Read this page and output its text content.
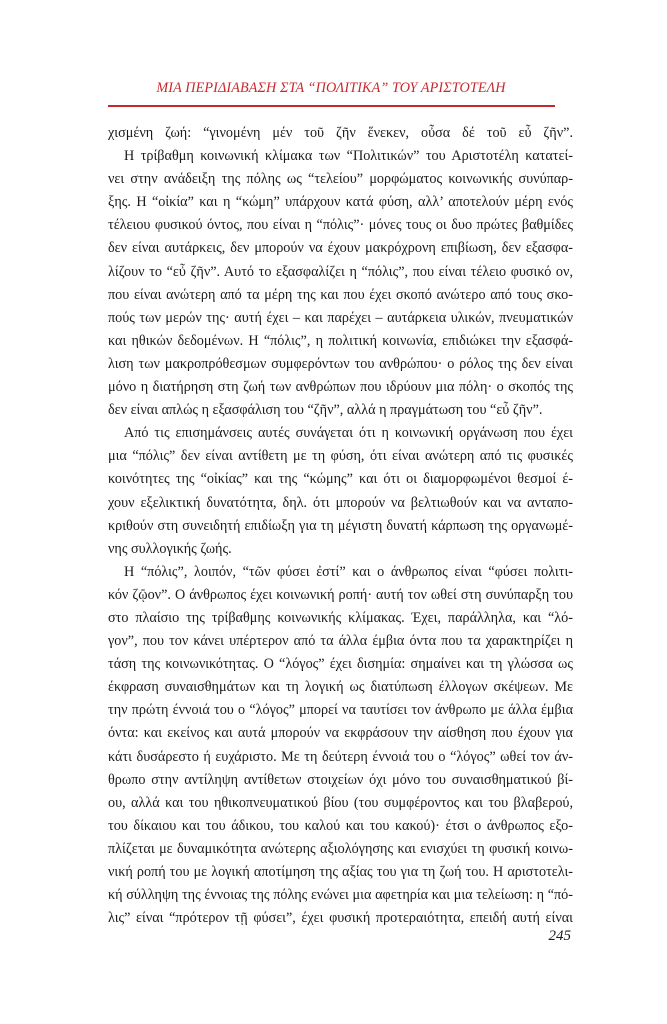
ΜΙΑ ΠΕΡΙΔΙΑΒΑΣΗ ΣΤΑ “ΠΟΛΙΤΙΚΑ” ΤΟΥ ΑΡΙΣΤΟΤΕΛΗ
χισμένη ζωή: “γινομένη μέν τοῦ ζῆν ἕνεκεν, οὖσα δέ τοῦ εὖ ζῆν”.
Η τρίβαθμη κοινωνική κλίμακα των “Πολιτικών” του Αριστοτέλη κατατεί-
νει στην ανάδειξη της πόλης ως “τελείου” μορφώματος κοινωνικής συνύπαρ-
ξης. Η “οἰκία” και η “κώμη” υπάρχουν κατά φύση, αλλ’ αποτελούν μέρη ενός
τέλειου φυσικού όντος, που είναι η “πόλις”· μόνες τους οι δυο πρώτες βαθμίδες
δεν είναι αυτάρκεις, δεν μπορούν να έχουν μακρόχρονη επιβίωση, δεν εξασφα-
λίζουν το “εὖ ζῆν”. Αυτό το εξασφαλίζει η “πόλις”, που είναι τέλειο φυσικό ον,
που είναι ανώτερη από τα μέρη της και που έχει σκοπό ανώτερο από τους σκο-
πούς των μερών της· αυτή έχει – και παρέχει – αυτάρκεια υλικών, πνευματικών
και ηθικών δεδομένων. Η “πόλις”, η πολιτική κοινωνία, επιδιώκει την εξασφά-
λιση των μακροπρόθεσμων συμφερόντων του ανθρώπου· ο ρόλος της δεν είναι
μόνο η διατήρηση στη ζωή των ανθρώπων που ιδρύουν μια πόλη· ο σκοπός της
δεν είναι απλώς η εξασφάλιση του “ζῆν”, αλλά η πραγμάτωση του “εὖ ζῆν”.
Από τις επισημάνσεις αυτές συνάγεται ότι η κοινωνική οργάνωση που έχει
μια “πόλις” δεν είναι αντίθετη με τη φύση, ότι είναι ανώτερη από τις φυσικές
κοινότητες της “οἰκίας” και της “κώμης” και ότι οι διαμορφωμένοι θεσμοί έ-
χουν εξελικτική δυνατότητα, δηλ. ότι μπορούν να βελτιωθούν και να ανταπο-
κριθούν στη συνειδητή επιδίωξη για τη μέγιστη δυνατή κάρπωση της οργανωμέ-
νης συλλογικής ζωής.
Η “πόλις”, λοιπόν, “τῶν φύσει ἐστί” και ο άνθρωπος είναι “φύσει πολιτι-
κόν ζῷον”. Ο άνθρωπος έχει κοινωνική ροπή· αυτή τον ωθεί στη συνύπαρξη του
στο πλαίσιο της τρίβαθμης κοινωνικής κλίμακας. Έχει, παράλληλα, και “λό-
γον”, που τον κάνει υπέρτερον από τα άλλα έμβια όντα που τα χαρακτηρίζει η
τάση της κοινωνικότητας. Ο “λόγος” έχει δισημία: σημαίνει και τη γλώσσα ως
έκφραση συναισθημάτων και τη λογική ως διατύπωση έλλογων σκέψεων. Με
την πρώτη έννοιά του ο “λόγος” μπορεί να ταυτίσει τον άνθρωπο με άλλα έμβια
όντα: και εκείνος και αυτά μπορούν να εκφράσουν την αίσθηση που έχουν για
κάτι δυσάρεστο ή ευχάριστο. Με τη δεύτερη έννοιά του ο “λόγος” ωθεί τον άν-
θρωπο στην αντίληψη αντίθετων στοιχείων όχι μόνο του συναισθηματικού βί-
ου, αλλά και του ηθικοπνευματικού βίου (του συμφέροντος και του βλαβερού,
του δίκαιου και του άδικου, του καλού και του κακού)· έτσι ο άνθρωπος εξο-
πλίζεται με δυναμικότητα ανώτερης αξιολόγησης και ενισχύει τη φυσική κοινω-
νική ροπή του με λογική αποτίμηση της αξίας του για τη ζωή του. Η αριστοτελι-
κή σύλληψη της έννοιας της πόλης ενώνει μια αφετηρία και μια τελείωση: η “πό-
λις” είναι “πρότερον τῇ φύσει”, έχει φυσική προτεραιότητα, επειδή αυτή είναι
245
